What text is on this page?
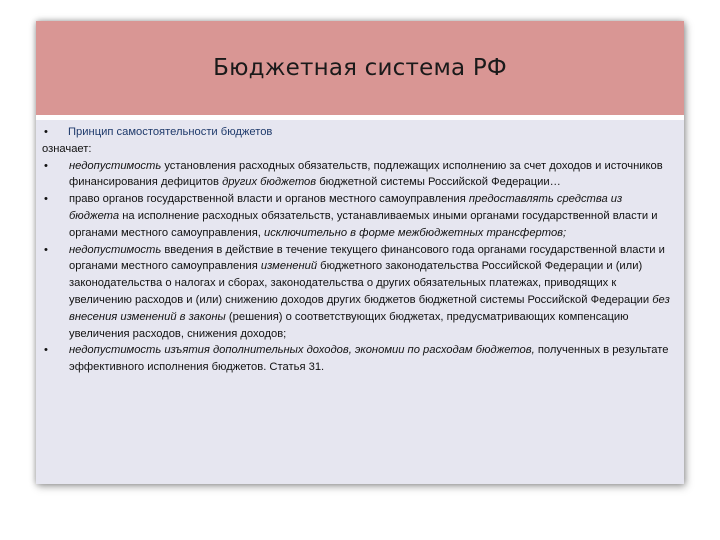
Бюджетная система РФ
• Принцип самостоятельности бюджетов
означает:
• недопустимость установления расходных обязательств, подлежащих исполнению за счет доходов и источников финансирования дефицитов других бюджетов бюджетной системы Российской Федерации…
• право органов государственной власти и органов местного самоуправления предоставлять средства из бюджета на исполнение расходных обязательств, устанавливаемых иными органами государственной власти и органами местного самоуправления, исключительно в форме межбюджетных трансфертов;
• недопустимость введения в действие в течение текущего финансового года органами государственной власти и органами местного самоуправления изменений бюджетного законодательства Российской Федерации и (или) законодательства о налогах и сборах, законодательства о других обязательных платежах, приводящих к увеличению расходов и (или) снижению доходов других бюджетов бюджетной системы Российской Федерации без внесения изменений в законы (решения) о соответствующих бюджетах, предусматривающих компенсацию увеличения расходов, снижения доходов;
• недопустимость изъятия дополнительных доходов, экономии по расходам бюджетов, полученных в результате эффективного исполнения бюджетов. Статья 31.
